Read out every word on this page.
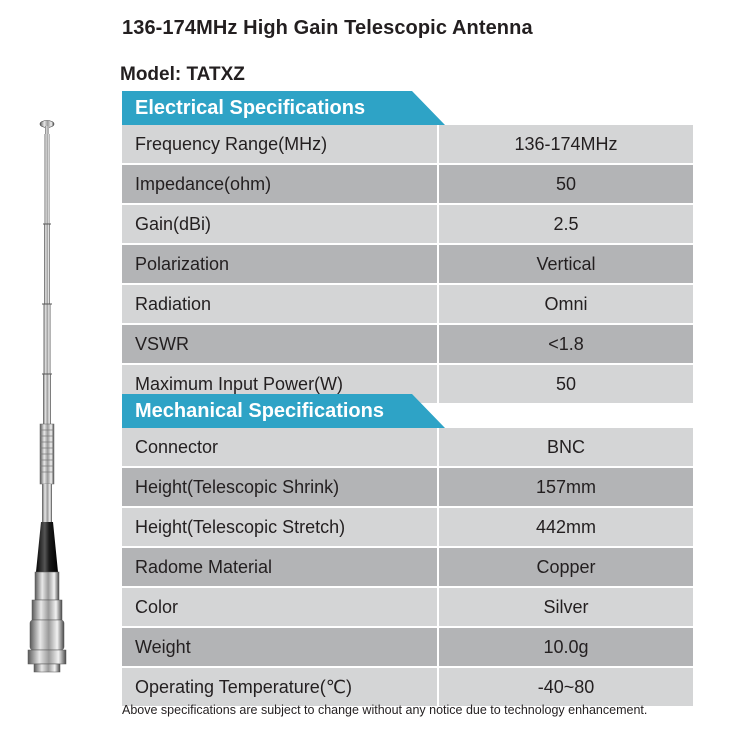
136-174MHz High Gain Telescopic Antenna
Model: TATXZ
Electrical Specifications
Frequency Range(MHz)	136-174MHz
Impedance(ohm)	50
Gain(dBi)	2.5
Polarization	Vertical
Radiation	Omni
VSWR	<1.8
Maximum Input Power(W)	50
Mechanical Specifications
Connector	BNC
Height(Telescopic Shrink)	157mm
Height(Telescopic Stretch)	442mm
Radome Material	Copper
Color	Silver
Weight	10.0g
Operating Temperature(℃)	-40~80
Above specifications are subject to change without any notice due to technology enhancement.
